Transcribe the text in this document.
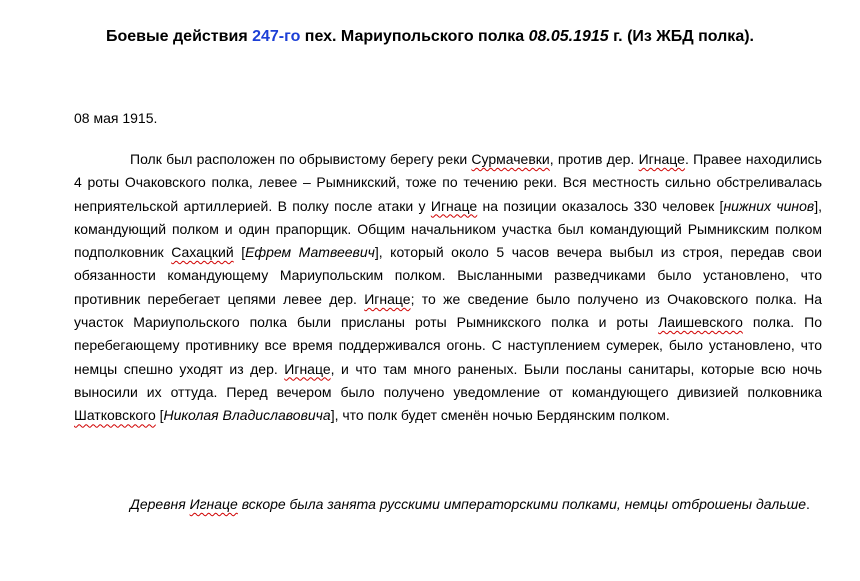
Боевые действия 247-го пех. Мариупольского полка 08.05.1915 г. (Из ЖБД полка).
08 мая 1915.

Полк был расположен по обрывистому берегу реки Сурмачевки, против дер. Игнаце. Правее находились 4 роты Очаковского полка, левее – Рымникский, тоже по течению реки. Вся местность сильно обстреливалась неприятельской артиллерией. В полку после атаки у Игнаце на позиции оказалось 330 человек [нижних чинов], командующий полком и один прапорщик. Общим начальником участка был командующий Рымникским полком подполковник Сахацкий [Ефрем Матвеевич], который около 5 часов вечера выбыл из строя, передав свои обязанности командующему Мариупольским полком. Высланными разведчиками было установлено, что противник перебегает цепями левее дер. Игнаце; то же сведение было получено из Очаковского полка. На участок Мариупольского полка были присланы роты Рымникского полка и роты Лаишевского полка. По перебегающему противнику все время поддерживался огонь. С наступлением сумерек, было установлено, что немцы спешно уходят из дер. Игнаце, и что там много раненых. Были посланы санитары, которые всю ночь выносили их оттуда. Перед вечером было получено уведомление от командующего дивизией полковника Шатковского [Николая Владиславовича], что полк будет сменён ночью Бердянским полком.

Деревня Игнаце вскоре была занята русскими императорскими полками, немцы отброшены дальше.
